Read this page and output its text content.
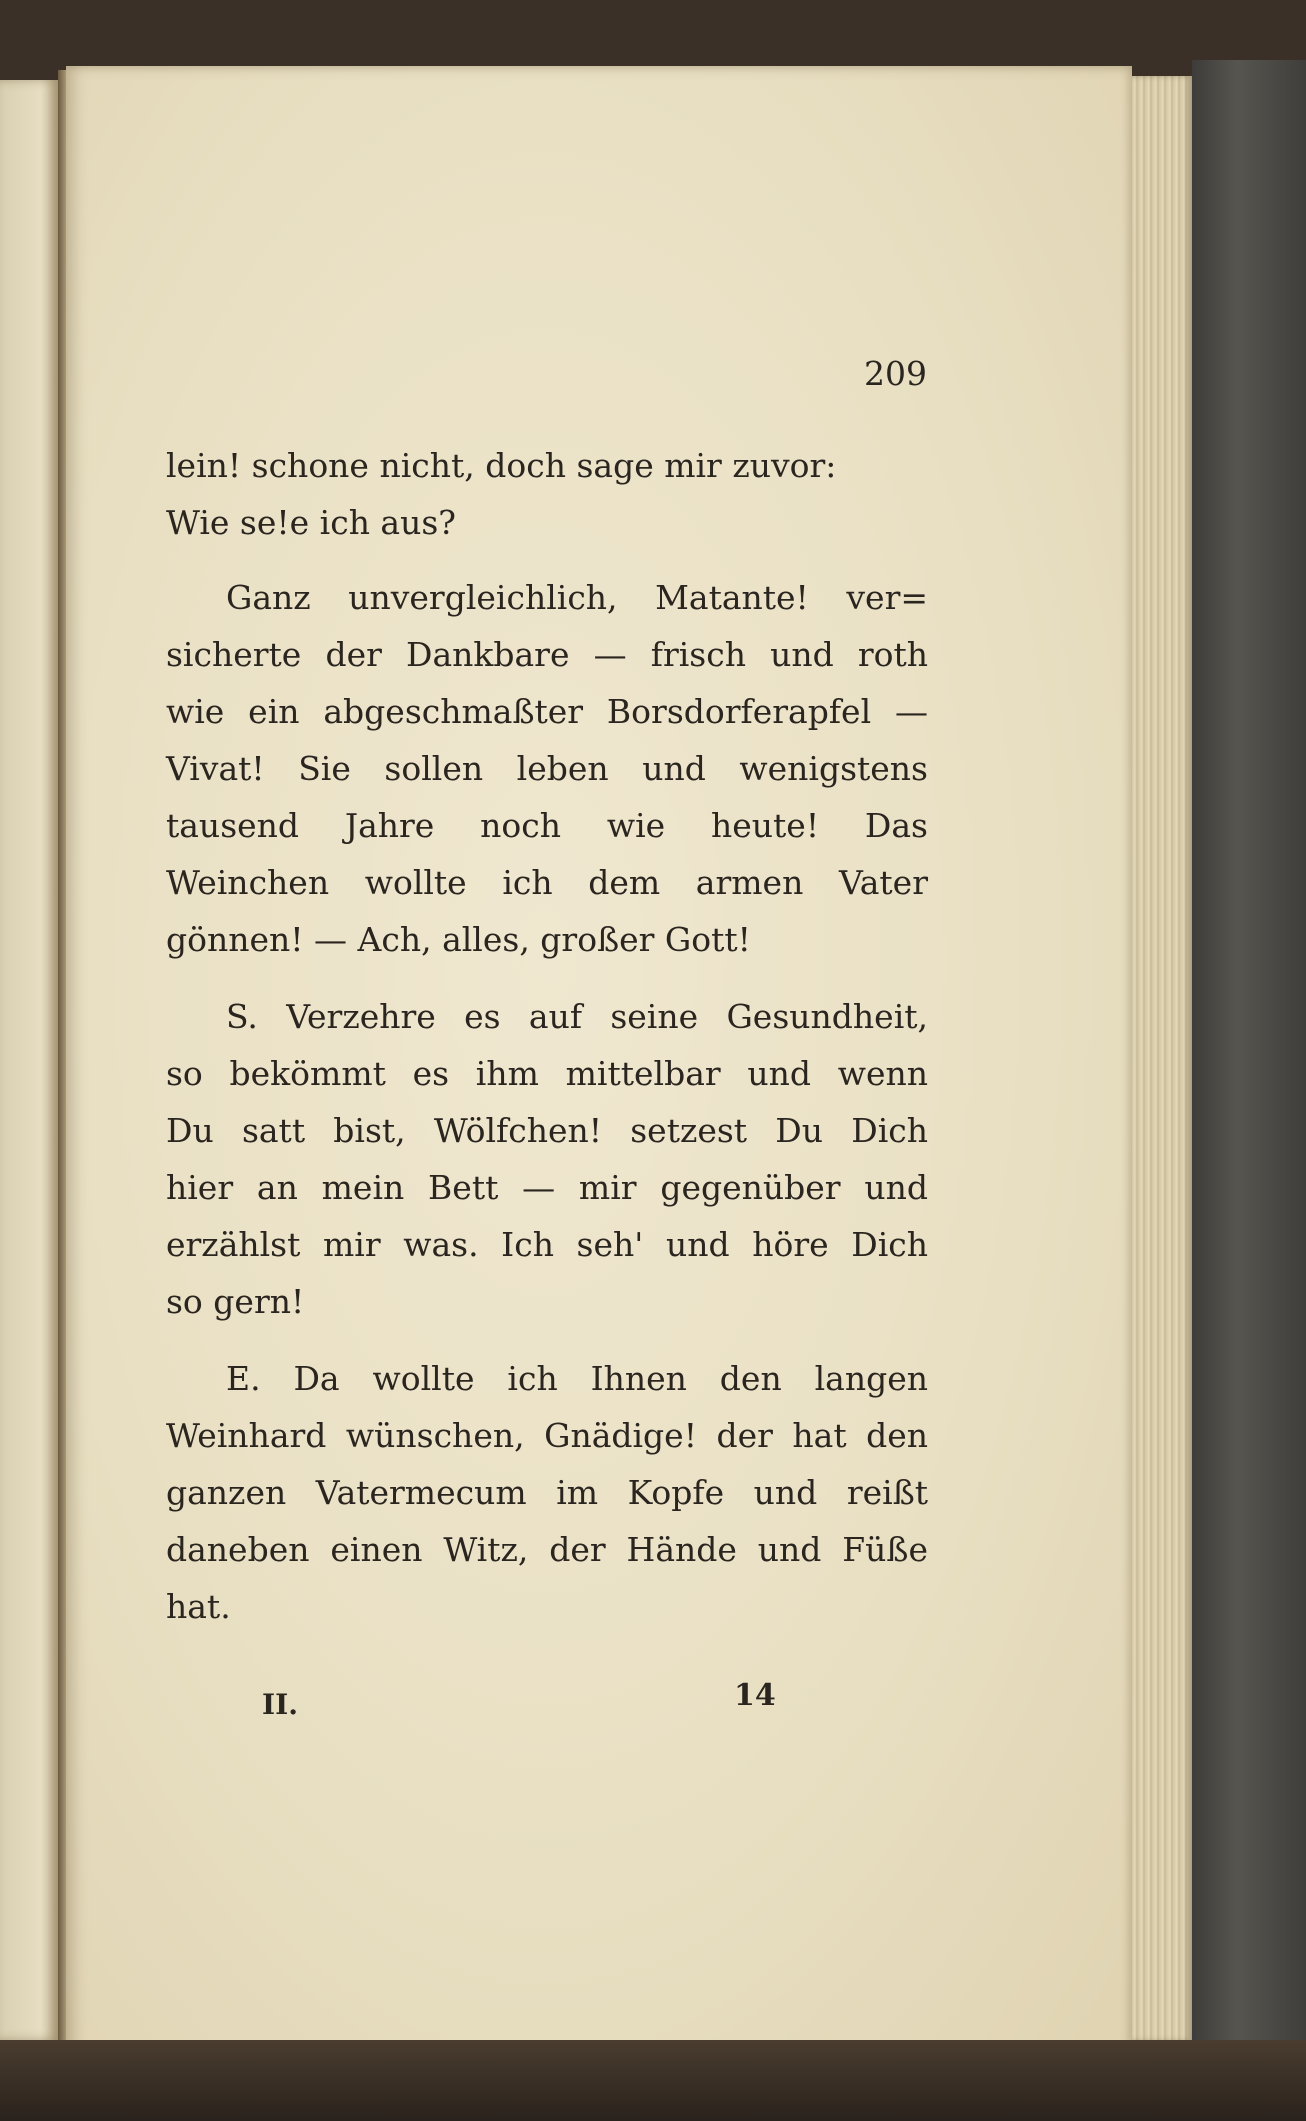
209
lein! schone nicht, doch sage mir zuvor:
Wie se!e ich aus?
Ganz unvergleichlich, Matante! ver=
sicherte der Dankbare — frisch und roth
wie ein abgeschmaßter Borsdorferapfel —
Vivat! Sie sollen leben und wenigstens
tausend Jahre noch wie heute! Das
Weinchen wollte ich dem armen Vater
gönnen! — Ach, alles, großer Gott!
S. Verzehre es auf seine Gesundheit,
so bekömmt es ihm mittelbar und wenn
Du satt bist, Wölfchen! setzest Du Dich
hier an mein Bett — mir gegenüber und
erzählst mir was. Ich seh' und höre Dich
so gern!
E. Da wollte ich Ihnen den langen
Weinhard wünschen, Gnädige! der hat den
ganzen Vatermecum im Kopfe und reißt
daneben einen Witz, der Hände und Füße
hat.
II.	14
